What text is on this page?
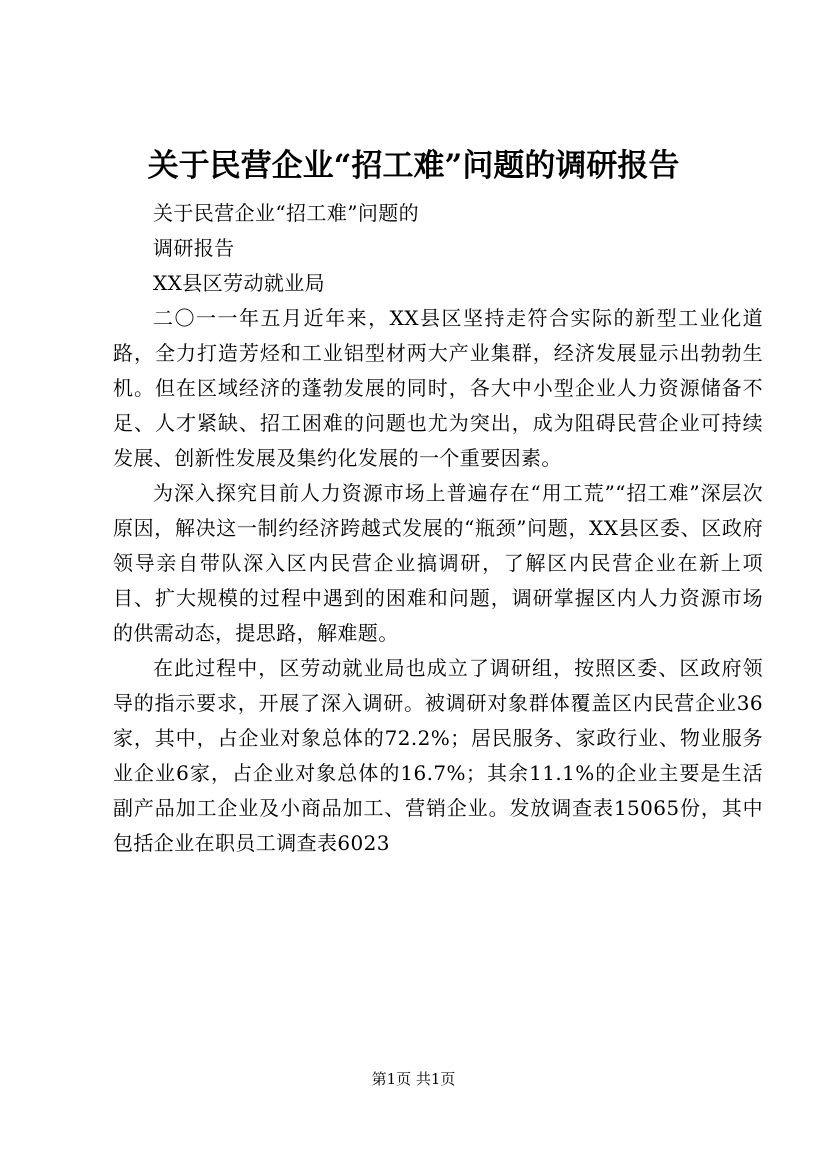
关于民营企业“招工难”问题的调研报告

关于民营企业“招工难”问题的

调研报告

XX县区劳动就业局

二〇一一年五月近年来，XX县区坚持走符合实际的新型工业化道路，全力打造芳烃和工业铝型材两大产业集群，经济发展显示出勃勃生机。但在区域经济的蓬勃发展的同时，各大中小型企业人力资源储备不足、人才紧缺、招工困难的问题也尤为突出，成为阻碍民营企业可持续发展、创新性发展及集约化发展的一个重要因素。

为深入探究目前人力资源市场上普遍存在“用工荒”“招工难”深层次原因，解决这一制约经济跨越式发展的“瓶颈”问题，XX县区委、区政府领导亲自带队深入区内民营企业搞调研，了解区内民营企业在新上项目、扩大规模的过程中遇到的困难和问题，调研掌握区内人力资源市场的供需动态，提思路，解难题。

在此过程中，区劳动就业局也成立了调研组，按照区委、区政府领导的指示要求，开展了深入调研。被调研对象群体覆盖区内民营企业36家，其中，占企业对象总体的72.2%；居民服务、家政行业、物业服务业企业6家，占企业对象总体的16.7%；其余11.1%的企业主要是生活副产品加工企业及小商品加工、营销企业。发放调查表15065份，其中包括企业在职员工调查表6023

第1页 共1页
